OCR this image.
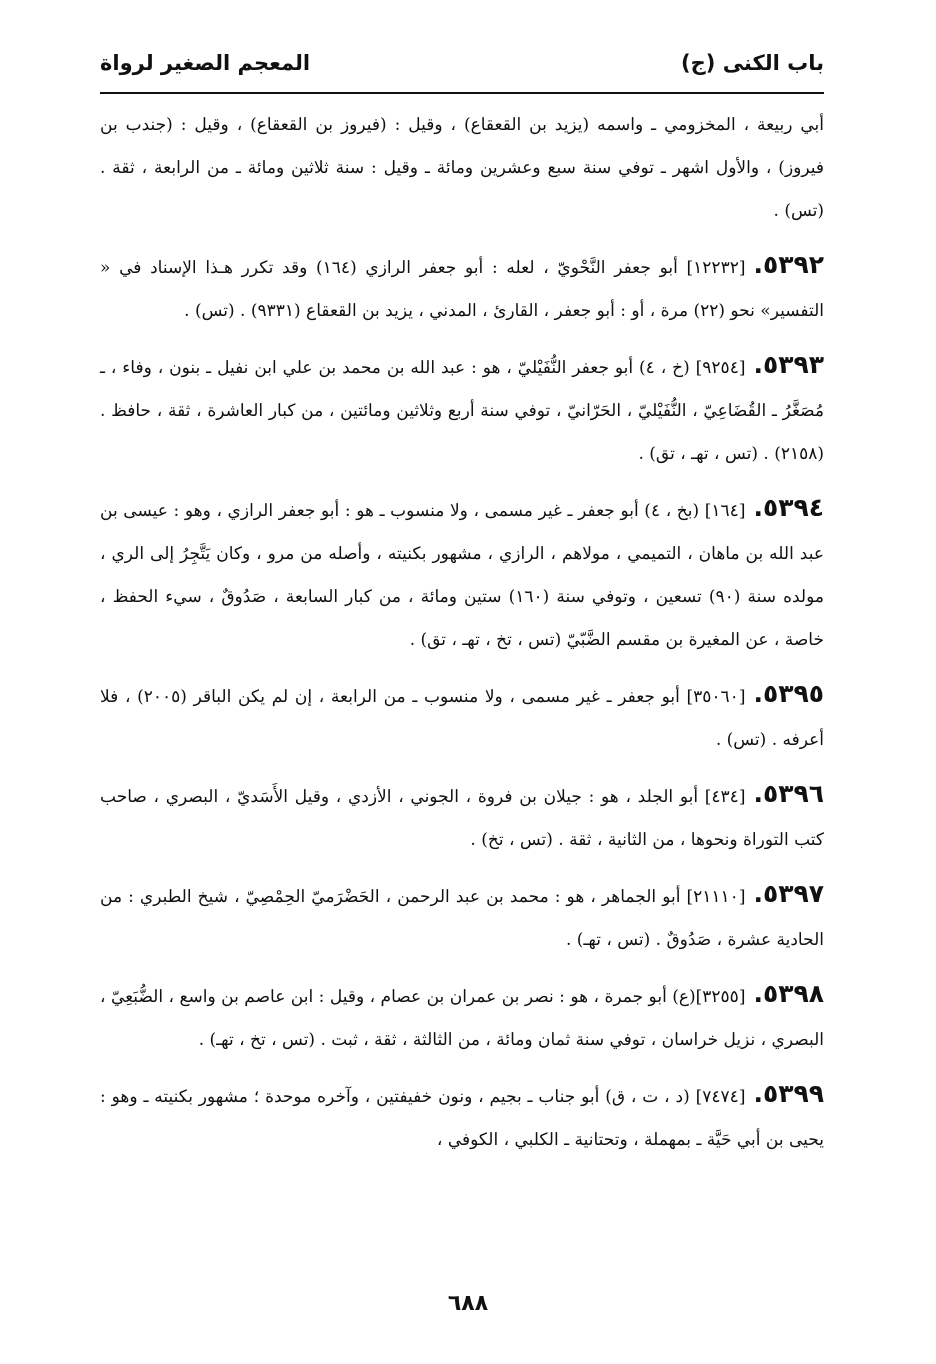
باب الكنى (ج)
المعجم الصغير لرواة

أبي ربيعة ، المخزومي ـ واسمه (يزيد بن القعقاع) ، وقيل : (فيروز بن القعقاع) ، وقيل : (جندب بن فيروز) ، والأول اشهر ـ توفي سنة سبع وعشرين ومائة ـ وقيل : سنة ثلاثين ومائة ـ من الرابعة ، ثقة . (تس) .

٥٣٩٢.[١٢٢٣٢] أبو جعفر النَّحْويّ ، لعله : أبو جعفر الرازي (١٦٤) وقد تكرر هـذا الإسناد في « التفسير» نحو (٢٢) مرة ، أو : أبو جعفر ، القارئ ، المدني ، يزيد بن القعقاع (٩٣٣١) . (تس) .

٥٣٩٣.[٩٢٥٤] (خ ، ٤) أبو جعفر النُّفَيْليّ ، هو : عبد الله بن محمد بن علي ابن نفيل ـ بنون ، وفاء ، ـ مُصَغَّرُ ـ القُضَاعِيّ ، النُّفَيْليّ ، الحَرّانيّ ، توفي سنة أربع وثلاثين ومائتين ، من كبار العاشرة ، ثقة ، حافظ . (٢١٥٨) . (تس ، تهـ ، تق) .

٥٣٩٤.[١٦٤] (بخ ، ٤) أبو جعفر ـ غير مسمى ، ولا منسوب ـ هو : أبو جعفر الرازي ، وهو : عيسى بن عبد الله بن ماهان ، التميمي ، مولاهم ، الرازي ، مشهور بكنيته ، وأصله من مرو ، وكان يَتَّجِرُ إلى الري ، مولده سنة (٩٠) تسعين ، وتوفي سنة (١٦٠) ستين ومائة ، من كبار السابعة ، صَدُوقٌ ، سيء الحفظ ، خاصة ، عن المغيرة بن مقسم الضَّبّيّ (تس ، تخ ، تهـ ، تق) .

٥٣٩٥.[٣٥٠٦٠] أبو جعفر ـ غير مسمى ، ولا منسوب ـ من الرابعة ، إن لم يكن الباقر (٢٠٠٥) ، فلا أعرفه . (تس) .

٥٣٩٦.[٤٣٤] أبو الجلد ، هو : جيلان بن فروة ، الجوني ، الأزدي ، وقيل الأَسَديّ ، البصري ، صاحب كتب التوراة ونحوها ، من الثانية ، ثقة . (تس ، تخ) .

٥٣٩٧.[٢١١١٠] أبو الجماهر ، هو : محمد بن عبد الرحمن ، الحَضْرَميّ الحِمْصِيّ ، شيخ الطبري : من الحادية عشرة ، صَدُوقٌ . (تس ، تهـ) .

٥٣٩٨.[٣٢٥٥](ع) أبو جمرة ، هو : نصر بن عمران بن عصام ، وقيل : ابن عاصم بن واسع ، الضُّبَعِيّ ، البصري ، نزيل خراسان ، توفي سنة ثمان ومائة ، من الثالثة ، ثقة ، ثبت . (تس ، تخ ، تهـ) .

٥٣٩٩.[٧٤٧٤] (د ، ت ، ق) أبو جناب ـ بجيم ، ونون خفيفتين ، وآخره موحدة ؛ مشهور بكنيته ـ وهو : يحيى بن أبي حَيَّة ـ بمهملة ، وتحتانية ـ الكلبي ، الكوفي ،

٦٨٨
